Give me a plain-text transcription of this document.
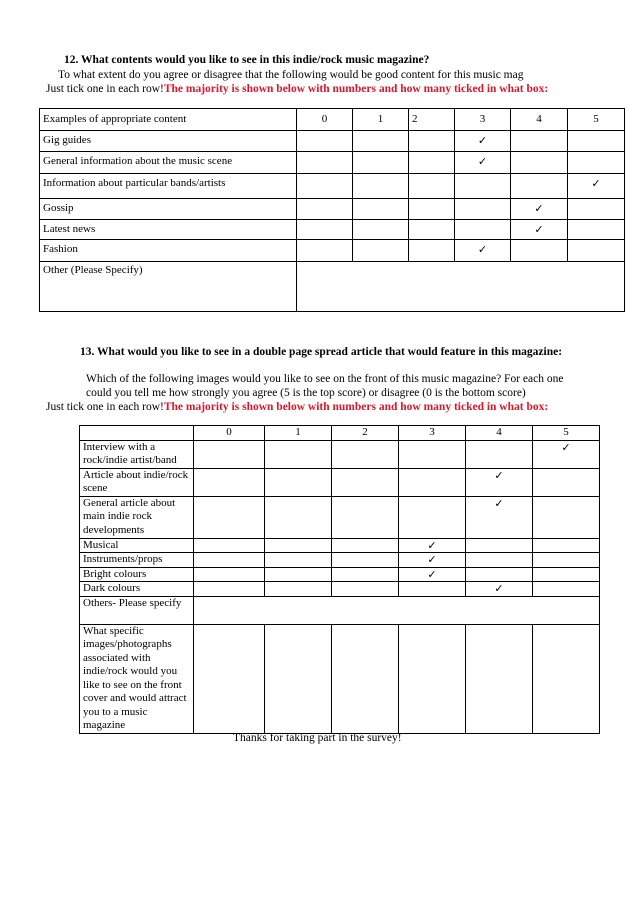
12. What contents would you like to see in this indie/rock music magazine?
To what extent do you agree or disagree that the following would be good content for this music mag
Just tick one in each row!The majority is shown below with numbers and how many ticked in what box:
Examples of appropriate content	0	1	2	3	4	5
Gig guides				✓		

General information about the music scene				✓		

Information about particular bands/artists						✓

Gossip					✓	

Latest news					✓	

Fashion				✓		

Other (Please Specify)						
13. What would you like to see in a double page spread article that would feature in this magazine:
Which of the following images would you like to see on the front of this music magazine? For each one
could you tell me how strongly you agree (5 is the top score) or disagree (0 is the bottom score)
Just tick one in each row!The majority is shown below with numbers and how many ticked in what box:
	0	1	2	3	4	5
Interview with a rock/indie artist/band						✓

Article about indie/rock scene					✓	

General article about main indie rock developments					✓	

Musical				✓		

Instruments/props				✓		

Bright colours				✓		

Dark colours					✓	

Others- Please specify						
What specific images/photographs associated with indie/rock would you like to see on the front cover and would attract you to a music magazine						
Thanks for taking part in the survey!
